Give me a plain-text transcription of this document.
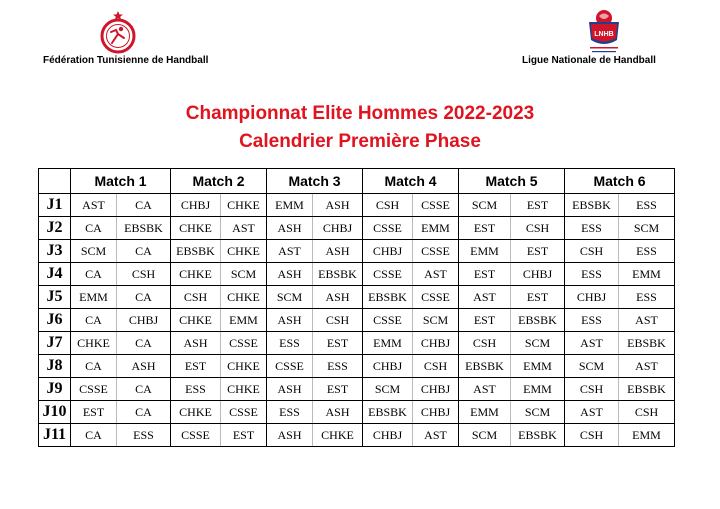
Fédération Tunisienne de Handball
LNHB
Ligue Nationale de Handball
Championnat Elite Hommes 2022-2023
Calendrier Première Phase
	Match 1		Match 2		Match 3		Match 4		Match 5		Match 6	
J1	AST	CA	CHBJ	CHKE	EMM	ASH	CSH	CSSE	SCM	EST	EBSBK	ESS
J2	CA	EBSBK	CHKE	AST	ASH	CHBJ	CSSE	EMM	EST	CSH	ESS	SCM
J3	SCM	CA	EBSBK	CHKE	AST	ASH	CHBJ	CSSE	EMM	EST	CSH	ESS
J4	CA	CSH	CHKE	SCM	ASH	EBSBK	CSSE	AST	EST	CHBJ	ESS	EMM
J5	EMM	CA	CSH	CHKE	SCM	ASH	EBSBK	CSSE	AST	EST	CHBJ	ESS
J6	CA	CHBJ	CHKE	EMM	ASH	CSH	CSSE	SCM	EST	EBSBK	ESS	AST
J7	CHKE	CA	ASH	CSSE	ESS	EST	EMM	CHBJ	CSH	SCM	AST	EBSBK
J8	CA	ASH	EST	CHKE	CSSE	ESS	CHBJ	CSH	EBSBK	EMM	SCM	AST
J9	CSSE	CA	ESS	CHKE	ASH	EST	SCM	CHBJ	AST	EMM	CSH	EBSBK
J10	EST	CA	CHKE	CSSE	ESS	ASH	EBSBK	CHBJ	EMM	SCM	AST	CSH
J11	CA	ESS	CSSE	EST	ASH	CHKE	CHBJ	AST	SCM	EBSBK	CSH	EMM
